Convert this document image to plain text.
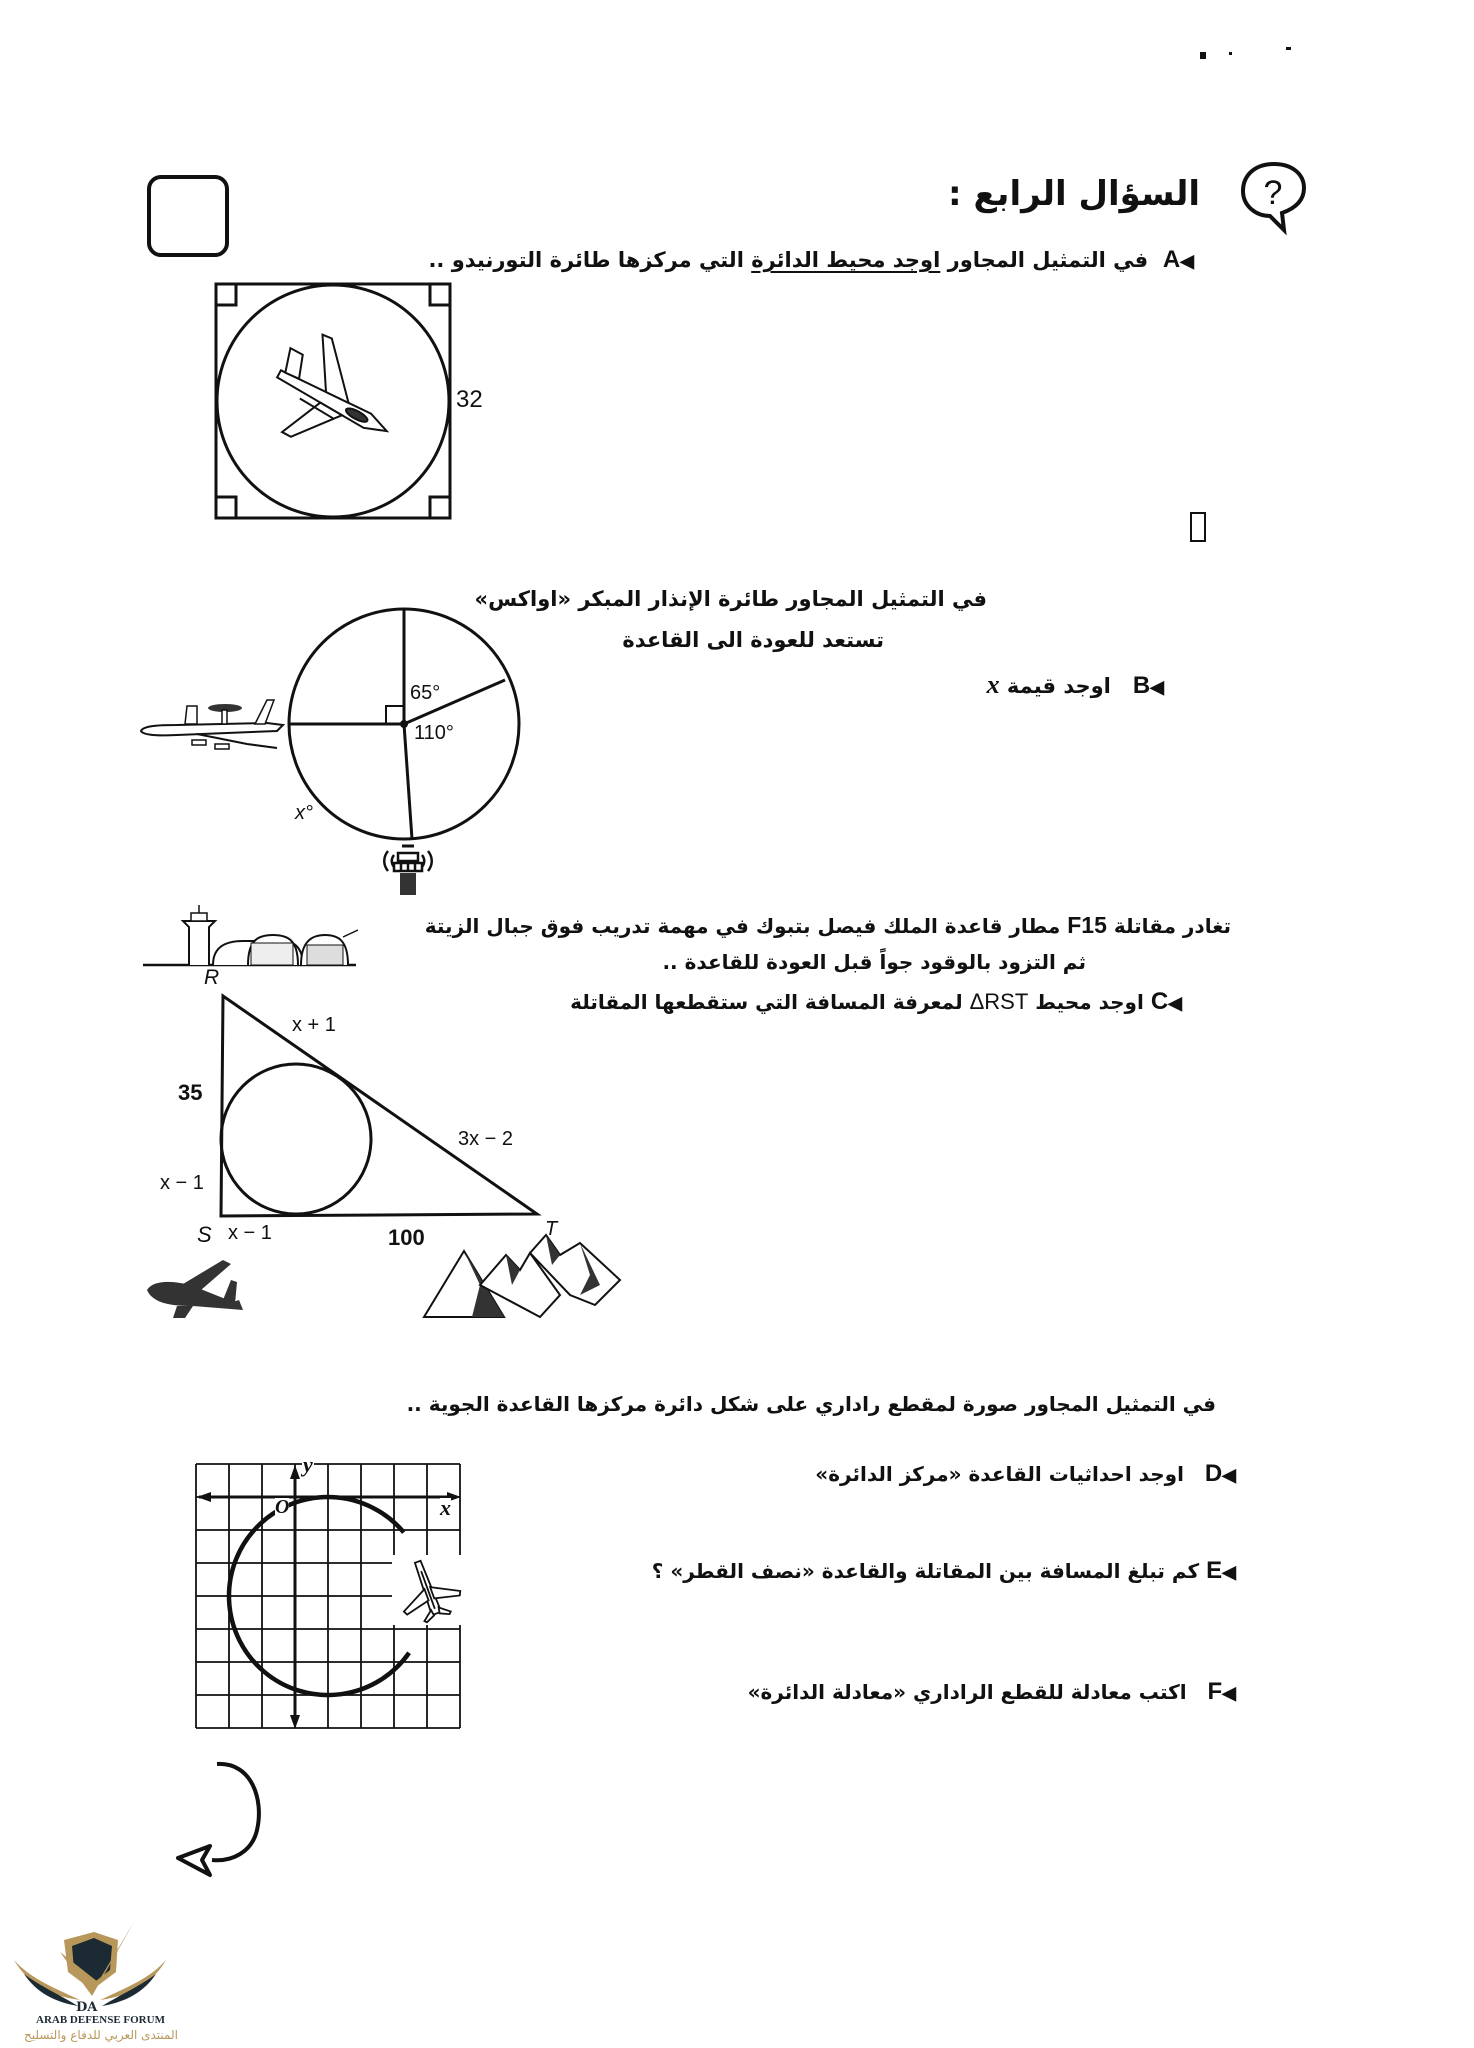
?
السؤال الرابع :
A◀  في التمثيل المجاور اوجد محيط الدائرة التي مركزها طائرة التورنيدو ..
32
في التمثيل المجاور طائرة الإنذار المبكر «اواكس»
تستعد للعودة الى القاعدة
B◀   اوجد قيمة x
65°
110°
x°
تغادر مقاتلة F15 مطار قاعدة الملك فيصل بتبوك في مهمة تدريب فوق جبال الزيتة
ثم التزود بالوقود جواً قبل العودة للقاعدة ..
C◀ اوجد محيط ΔRST لمعرفة المسافة التي ستقطعها المقاتلة
R
S	T
35
x − 1
x − 1	100
x + 1
3x − 2
في التمثيل المجاور صورة لمقطع راداري على شكل دائرة مركزها القاعدة الجوية ..
D◀   اوجد احداثيات القاعدة «مركز الدائرة»
E◀ كم تبلغ المسافة بين المقاتلة والقاعدة «نصف القطر» ؟
F◀   اكتب معادلة للقطع الراداري «معادلة الدائرة»
y
x
O
DA
ARAB DEFENSE FORUM
المنتدى العربي للدفاع والتسليح
